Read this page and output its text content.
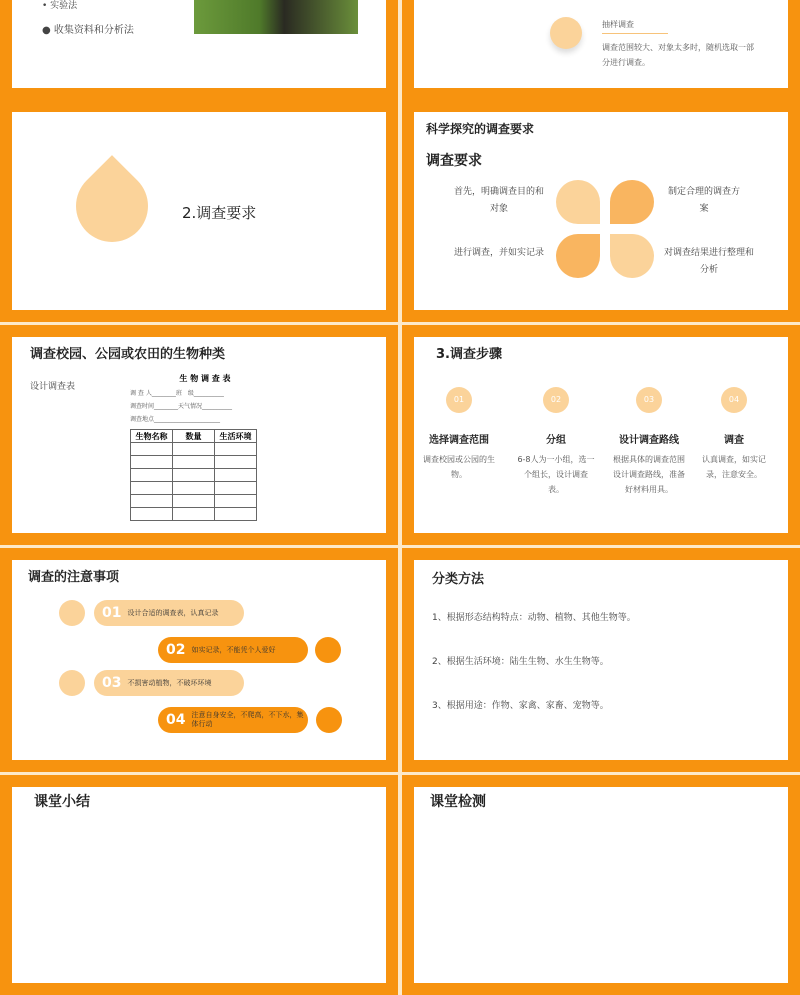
• 实验法
● 收集资料和分析法
抽样调查
调查范围较大、对象太多时，随机选取一部分进行调查。
2.调查要求
科学探究的调查要求
调查要求
首先，明确调查目的和对象
制定合理的调查方案
进行调查，并如实记录	对调查结果进行整理和分析
调查校园、公园或农田的生物种类
设计调查表
生 物 调 查 表
调 查 人________班　级__________
调查时间________天气情况__________
调查地点______________________
生物名称	数量	生活环境

3.调查步骤
01
选择调查范围
调查校园或公园的生物。
02
分组
6-8人为一小组，选一个组长，设计调查表。
03
设计调查路线
根据具体的调查范围设计调查路线，准备好材料用具。
04
调查
认真调查，如实记录，注意安全。
调查的注意事项
01 设计合适的调查表，认真记录
02 如实记录，不能凭个人爱好
03 不损害动植物，不破坏环境
04 注意自身安全，不爬高，不下水，集体行动
分类方法
1、根据形态结构特点：动物、植物、其他生物等。
2、根据生活环境：陆生生物、水生生物等。
3、根据用途：作物、家禽、家畜、宠物等。
课堂小结	课堂检测
